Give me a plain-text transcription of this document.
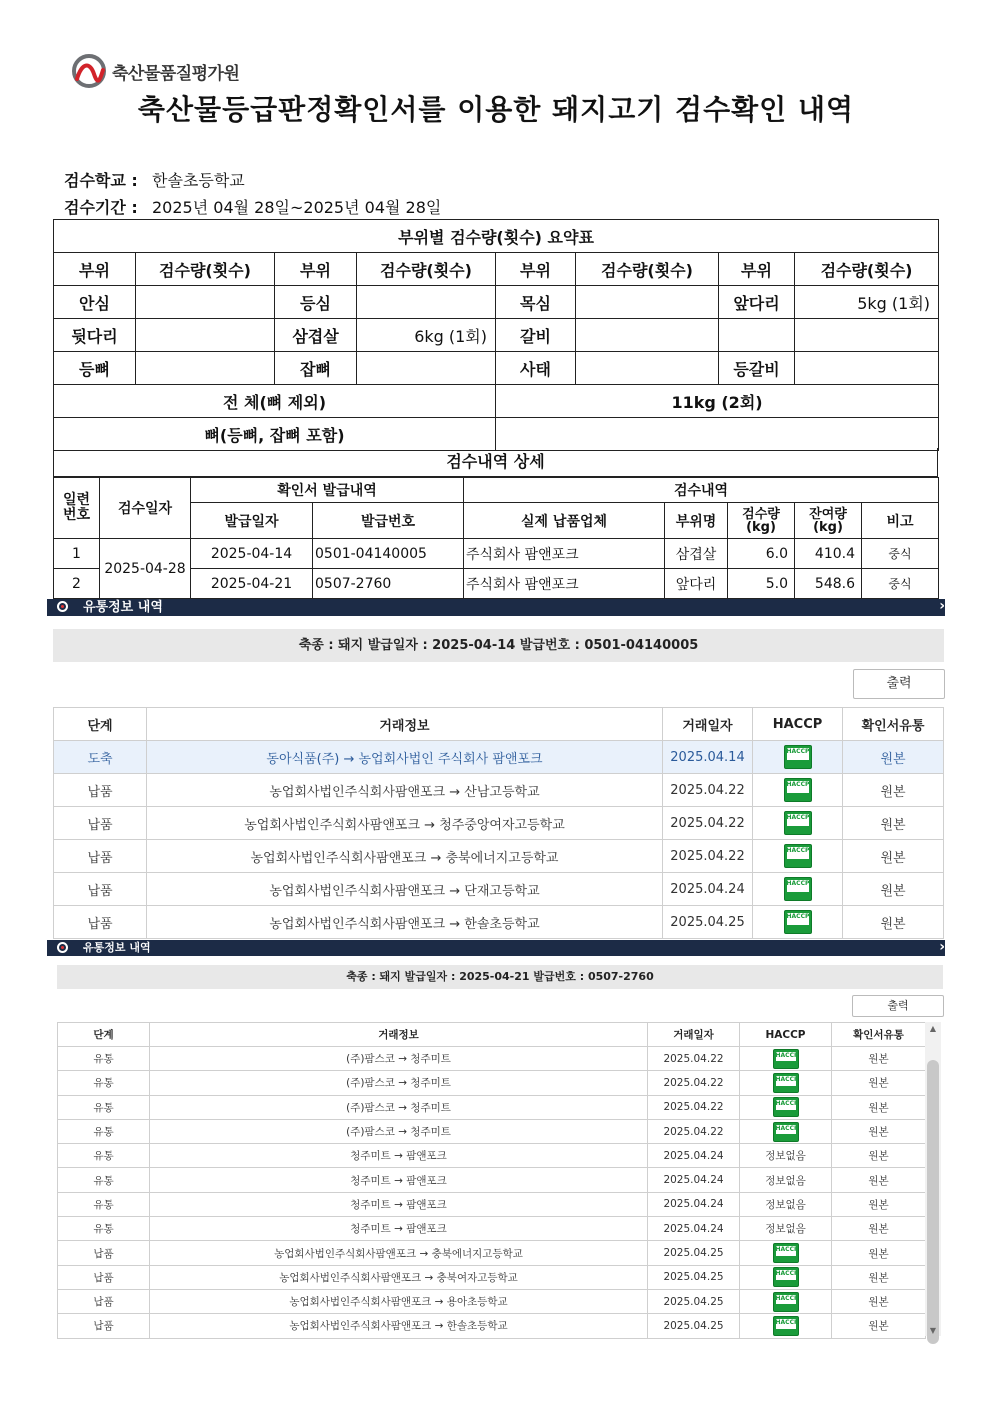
축산물품질평가원
축산물등급판정확인서를 이용한 돼지고기 검수확인 내역
검수학교 : 한솔초등학교
검수기간 : 2025년 04월 28일~2025년 04월 28일
부위별 검수량(횟수) 요약표							
부위	검수량(횟수)	부위	검수량(횟수)	부위	검수량(횟수)	부위	검수량(횟수)
안심		등심		목심		앞다리	5kg (1회)
뒷다리		삼겹살	6kg (1회)	갈비			
등뼈		잡뼈		사태		등갈비	
전 체(뼈 제외)				11kg (2회)			
뼈(등뼈, 잡뼈 포함)							
검수내역 상세
일련 번호	검수일자	확인서 발급내역		검수내역				
		발급일자	발급번호	실제 납품업체	부위명	검수량 (kg)	잔여량 (kg)	비고
1	2025-04-28	2025-04-14	0501-04140005	주식회사 팜앤포크	삼겹살	6.0	410.4	중식
2		2025-04-21	0507-2760	주식회사 팜앤포크	앞다리	5.0	548.6	중식
유통정보 내역	›
축종 : 돼지 발급일자 : 2025-04-14 발급번호 : 0501-04140005
출력
단계	거래정보	거래일자	HACCP	확인서유통
도축	동아식품(주) → 농업회사법인 주식회사 팜앤포크	2025.04.14	HACCP	원본
납품	농업회사법인주식회사팜앤포크 → 산남고등학교	2025.04.22	HACCP	원본
납품	농업회사법인주식회사팜앤포크 → 청주중앙여자고등학교	2025.04.22	HACCP	원본
납품	농업회사법인주식회사팜앤포크 → 충북에너지고등학교	2025.04.22	HACCP	원본
납품	농업회사법인주식회사팜앤포크 → 단재고등학교	2025.04.24	HACCP	원본
납품	농업회사법인주식회사팜앤포크 → 한솔초등학교	2025.04.25	HACCP	원본
유통정보 내역	›
축종 : 돼지 발급일자 : 2025-04-21 발급번호 : 0507-2760
출력
단계	거래정보	거래일자	HACCP	확인서유통
유통	(주)팜스코 → 청주미트	2025.04.22	HACCP	원본
유통	(주)팜스코 → 청주미트	2025.04.22	HACCP	원본
유통	(주)팜스코 → 청주미트	2025.04.22	HACCP	원본
유통	(주)팜스코 → 청주미트	2025.04.22	HACCP	원본
유통	청주미트 → 팜앤포크	2025.04.24	정보없음	원본
유통	청주미트 → 팜앤포크	2025.04.24	정보없음	원본
유통	청주미트 → 팜앤포크	2025.04.24	정보없음	원본
유통	청주미트 → 팜앤포크	2025.04.24	정보없음	원본
납품	농업회사법인주식회사팜앤포크 → 충북에너지고등학교	2025.04.25	HACCP	원본
납품	농업회사법인주식회사팜앤포크 → 충북여자고등학교	2025.04.25	HACCP	원본
납품	농업회사법인주식회사팜앤포크 → 용아초등학교	2025.04.25	HACCP	원본
납품	농업회사법인주식회사팜앤포크 → 한솔초등학교	2025.04.25	HACCP	원본
▲
▼
